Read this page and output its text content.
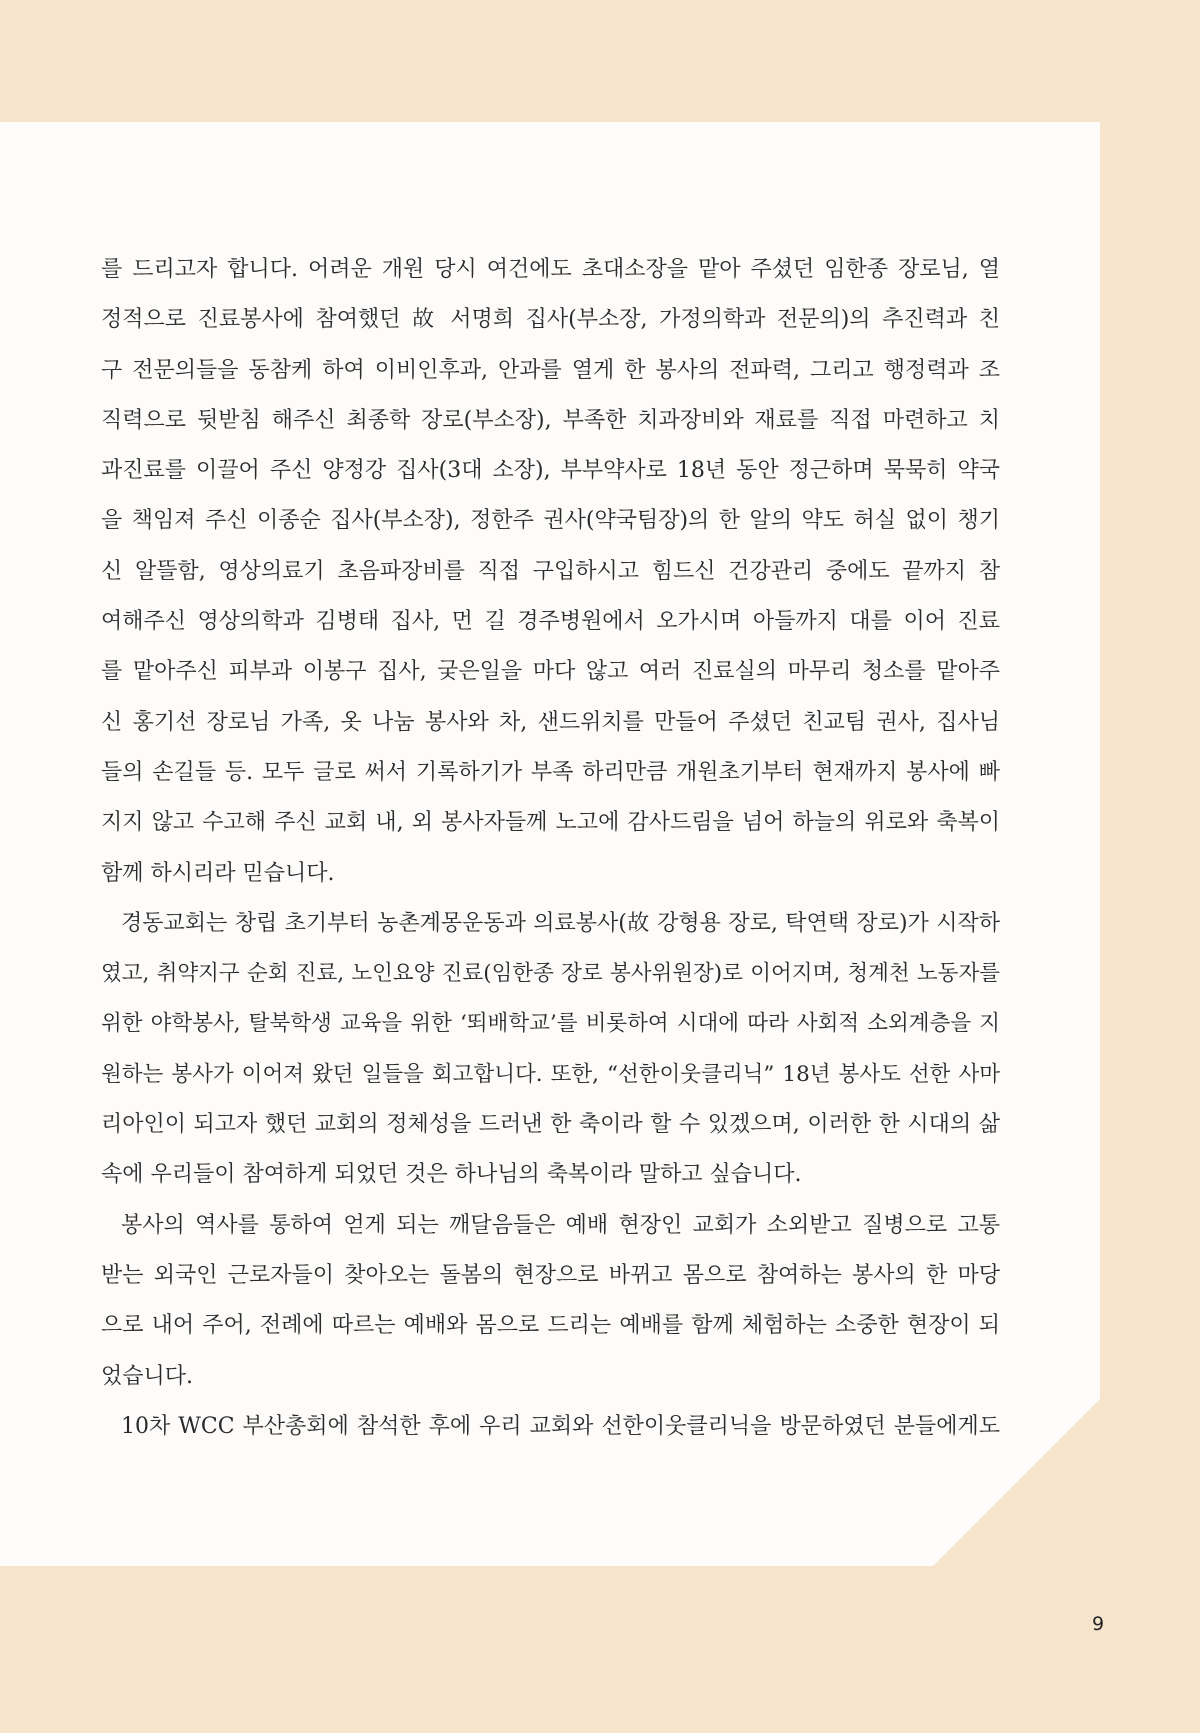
를 드리고자 합니다. 어려운 개원 당시 여건에도 초대소장을 맡아 주셨던 임한종 장로님, 열
정적으로 진료봉사에 참여했던 故 서명희 집사(부소장, 가정의학과 전문의)의 추진력과 친
구 전문의들을 동참케 하여 이비인후과, 안과를 열게 한 봉사의 전파력, 그리고 행정력과 조
직력으로 뒷받침 해주신 최종학 장로(부소장), 부족한 치과장비와 재료를 직접 마련하고 치
과진료를 이끌어 주신 양정강 집사(3대 소장), 부부약사로 18년 동안 정근하며 묵묵히 약국
을 책임져 주신 이종순 집사(부소장), 정한주 권사(약국팀장)의 한 알의 약도 허실 없이 챙기
신 알뜰함, 영상의료기 초음파장비를 직접 구입하시고 힘드신 건강관리 중에도 끝까지 참
여해주신 영상의학과 김병태 집사, 먼 길 경주병원에서 오가시며 아들까지 대를 이어 진료
를 맡아주신 피부과 이봉구 집사, 궂은일을 마다 않고 여러 진료실의 마무리 청소를 맡아주
신 홍기선 장로님 가족, 옷 나눔 봉사와 차, 샌드위치를 만들어 주셨던 친교팀 권사, 집사님
들의 손길들 등. 모두 글로 써서 기록하기가 부족 하리만큼 개원초기부터 현재까지 봉사에 빠
지지 않고 수고해 주신 교회 내, 외 봉사자들께 노고에 감사드림을 넘어 하늘의 위로와 축복이
함께 하시리라 믿습니다.
경동교회는 창립 초기부터 농촌계몽운동과 의료봉사(故 강형용 장로, 탁연택 장로)가 시작하
였고, 취약지구 순회 진료, 노인요양 진료(임한종 장로 봉사위원장)로 이어지며, 청계천 노동자를
위한 야학봉사, 탈북학생 교육을 위한 ‘뙤배학교’를 비롯하여 시대에 따라 사회적 소외계층을 지
원하는 봉사가 이어져 왔던 일들을 회고합니다. 또한, “선한이웃클리닉” 18년 봉사도 선한 사마
리아인이 되고자 했던 교회의 정체성을 드러낸 한 축이라 할 수 있겠으며, 이러한 한 시대의 삶
속에 우리들이 참여하게 되었던 것은 하나님의 축복이라 말하고 싶습니다.
봉사의 역사를 통하여 얻게 되는 깨달음들은 예배 현장인 교회가 소외받고 질병으로 고통
받는 외국인 근로자들이 찾아오는 돌봄의 현장으로 바뀌고 몸으로 참여하는 봉사의 한 마당
으로 내어 주어, 전례에 따르는 예배와 몸으로 드리는 예배를 함께 체험하는 소중한 현장이 되
었습니다.
10차 WCC 부산총회에 참석한 후에 우리 교회와 선한이웃클리닉을 방문하였던 분들에게도
9
